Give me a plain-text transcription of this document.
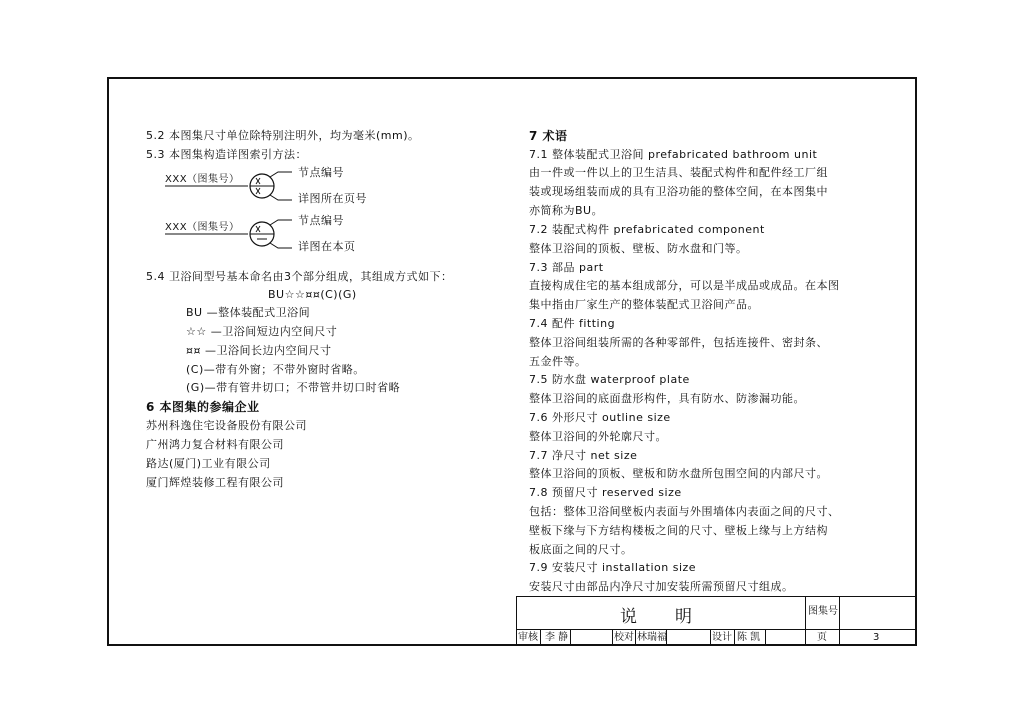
5.2 本图集尺寸单位除特别注明外，均为毫米(mm)。
5.3 本图集构造详图索引方法：
XXX（图集号）
节点编号
详图所在页号
XXX（图集号）
节点编号
详图在本页
5.4 卫浴间型号基本命名由3个部分组成，其组成方式如下：
BU☆☆¤¤(C)(G)
BU —整体装配式卫浴间
☆☆ —卫浴间短边内空间尺寸
¤¤ —卫浴间长边内空间尺寸
(C)—带有外窗；不带外窗时省略。
(G)—带有管井切口；不带管井切口时省略
6 本图集的参编企业
苏州科逸住宅设备股份有限公司
广州鸿力复合材料有限公司
路达(厦门)工业有限公司
厦门辉煌装修工程有限公司
7 术语
7.1 整体装配式卫浴间 prefabricated bathroom unit
由一件或一件以上的卫生洁具、装配式构件和配件经工厂组
装或现场组装而成的具有卫浴功能的整体空间，在本图集中
亦简称为BU。
7.2 装配式构件 prefabricated component
整体卫浴间的顶板、壁板、防水盘和门等。
7.3 部品 part
直接构成住宅的基本组成部分，可以是半成品或成品。在本图
集中指由厂家生产的整体装配式卫浴间产品。
7.4 配件 fitting
整体卫浴间组装所需的各种零部件，包括连接件、密封条、
五金件等。
7.5 防水盘 waterproof plate
整体卫浴间的底面盘形构件，具有防水、防渗漏功能。
7.6 外形尺寸 outline size
整体卫浴间的外轮廓尺寸。
7.7 净尺寸 net size
整体卫浴间的顶板、壁板和防水盘所包围空间的内部尺寸。
7.8 预留尺寸 reserved size
包括：整体卫浴间壁板内表面与外围墙体内表面之间的尺寸、
壁板下缘与下方结构楼板之间的尺寸、壁板上缘与上方结构
板底面之间的尺寸。
7.9 安装尺寸 installation size
安装尺寸由部品内净尺寸加安装所需预留尺寸组成。
说明	图集号
审核 李 静	校对 林瑞福	设计 陈 凯	页	3
